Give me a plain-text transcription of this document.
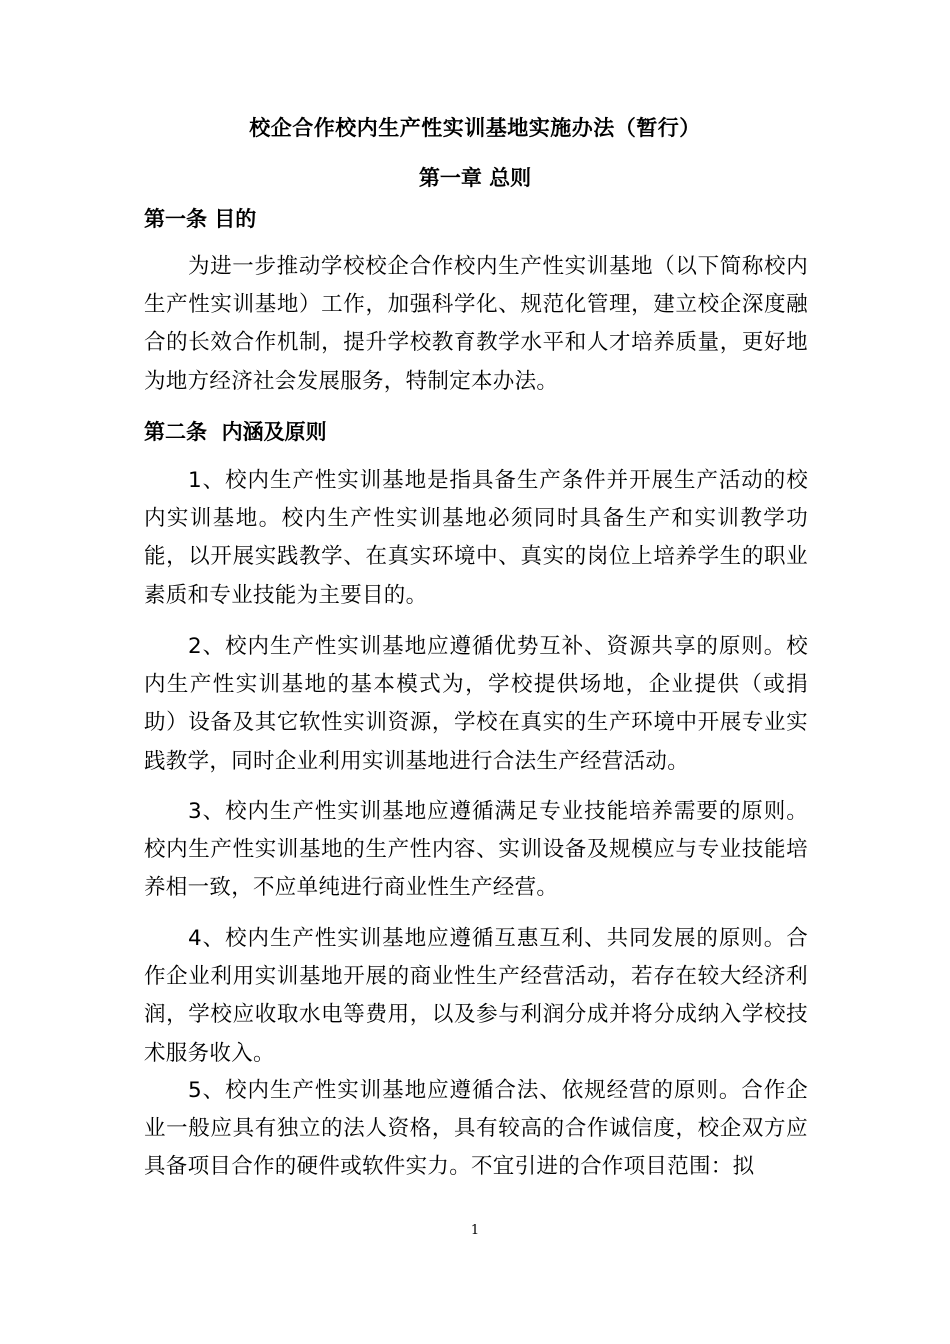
校企合作校内生产性实训基地实施办法（暂行）
第一章 总则
第一条 目的
为进一步推动学校校企合作校内生产性实训基地（以下简称校内生产性实训基地）工作，加强科学化、规范化管理，建立校企深度融合的长效合作机制，提升学校教育教学水平和人才培养质量，更好地为地方经济社会发展服务，特制定本办法。
第二条  内涵及原则
1、校内生产性实训基地是指具备生产条件并开展生产活动的校内实训基地。校内生产性实训基地必须同时具备生产和实训教学功能，以开展实践教学、在真实环境中、真实的岗位上培养学生的职业素质和专业技能为主要目的。
2、校内生产性实训基地应遵循优势互补、资源共享的原则。校内生产性实训基地的基本模式为，学校提供场地，企业提供（或捐助）设备及其它软性实训资源，学校在真实的生产环境中开展专业实践教学，同时企业利用实训基地进行合法生产经营活动。
3、校内生产性实训基地应遵循满足专业技能培养需要的原则。校内生产性实训基地的生产性内容、实训设备及规模应与专业技能培养相一致，不应单纯进行商业性生产经营。
4、校内生产性实训基地应遵循互惠互利、共同发展的原则。合作企业利用实训基地开展的商业性生产经营活动，若存在较大经济利润，学校应收取水电等费用，以及参与利润分成并将分成纳入学校技术服务收入。
5、校内生产性实训基地应遵循合法、依规经营的原则。合作企业一般应具有独立的法人资格，具有较高的合作诚信度，校企双方应具备项目合作的硬件或软件实力。不宜引进的合作项目范围：拟
1
